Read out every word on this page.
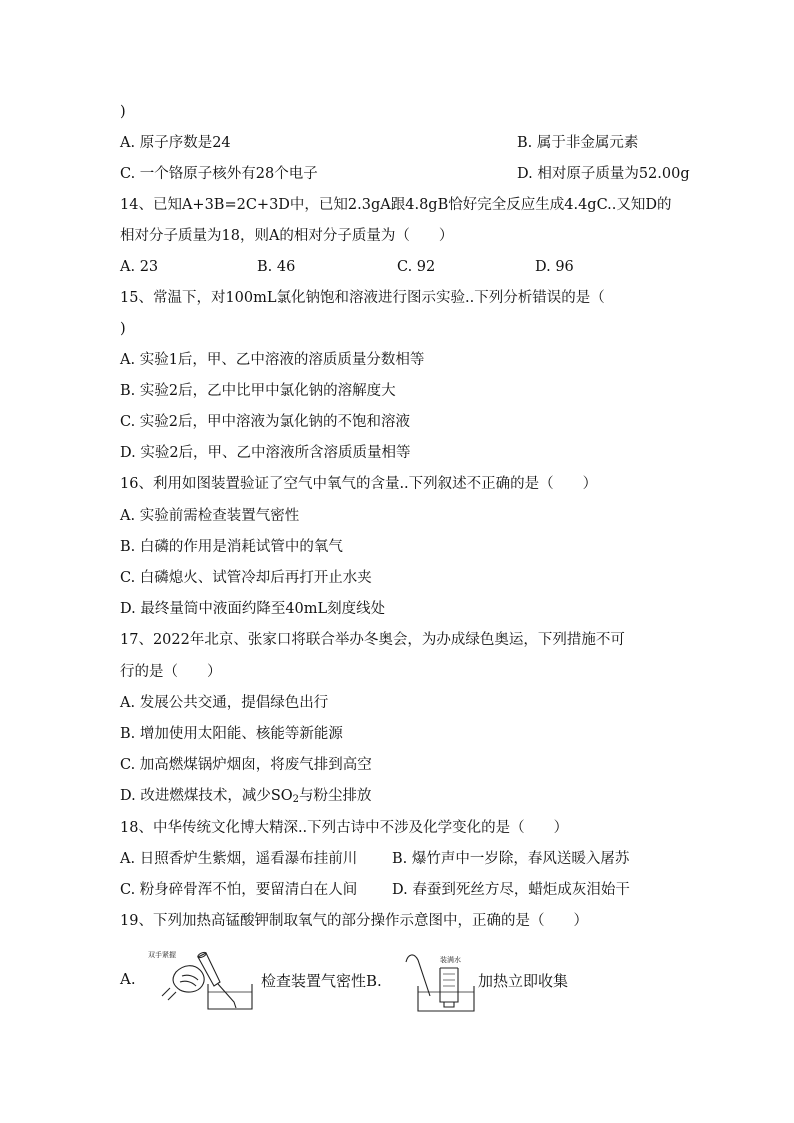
)
A. 原子序数是24	B. 属于非金属元素
C. 一个铬原子核外有28个电子	D. 相对原子质量为52.00g
14、已知A+3B=2C+3D中，已知2.3gA跟4.8gB恰好完全反应生成4.4gC..又知D的
相对分子质量为18，则A的相对分子质量为（　　）
A. 23	B. 46	C. 92	D. 96
15、常温下，对100mL氯化钠饱和溶液进行图示实验..下列分析错误的是（
)
A. 实验1后，甲、乙中溶液的溶质质量分数相等
B. 实验2后，乙中比甲中氯化钠的溶解度大
C. 实验2后，甲中溶液为氯化钠的不饱和溶液
D. 实验2后，甲、乙中溶液所含溶质质量相等
16、利用如图装置验证了空气中氧气的含量..下列叙述不正确的是（　　）
A. 实验前需检查装置气密性
B. 白磷的作用是消耗试管中的氧气
C. 白磷熄火、试管冷却后再打开止水夹
D. 最终量筒中液面约降至40mL刻度线处
17、2022年北京、张家口将联合举办冬奥会，为办成绿色奥运，下列措施不可
行的是（　　）
A. 发展公共交通，提倡绿色出行
B. 增加使用太阳能、核能等新能源
C. 加高燃煤锅炉烟囱，将废气排到高空
D. 改进燃煤技术，减少$SO_2$与粉尘排放
18、中华传统文化博大精深..下列古诗中不涉及化学变化的是（　　）
A. 日照香炉生紫烟，遥看瀑布挂前川 B. 爆竹声中一岁除，春风送暖入屠苏
C. 粉身碎骨浑不怕，要留清白在人间 D. 春蚕到死丝方尽，蜡炬成灰泪始干
19、下列加热高锰酸钾制取氧气的部分操作示意图中，正确的是（　　）
A.
双手紧握
检查装置气密性B.
装满水
加热立即收集
